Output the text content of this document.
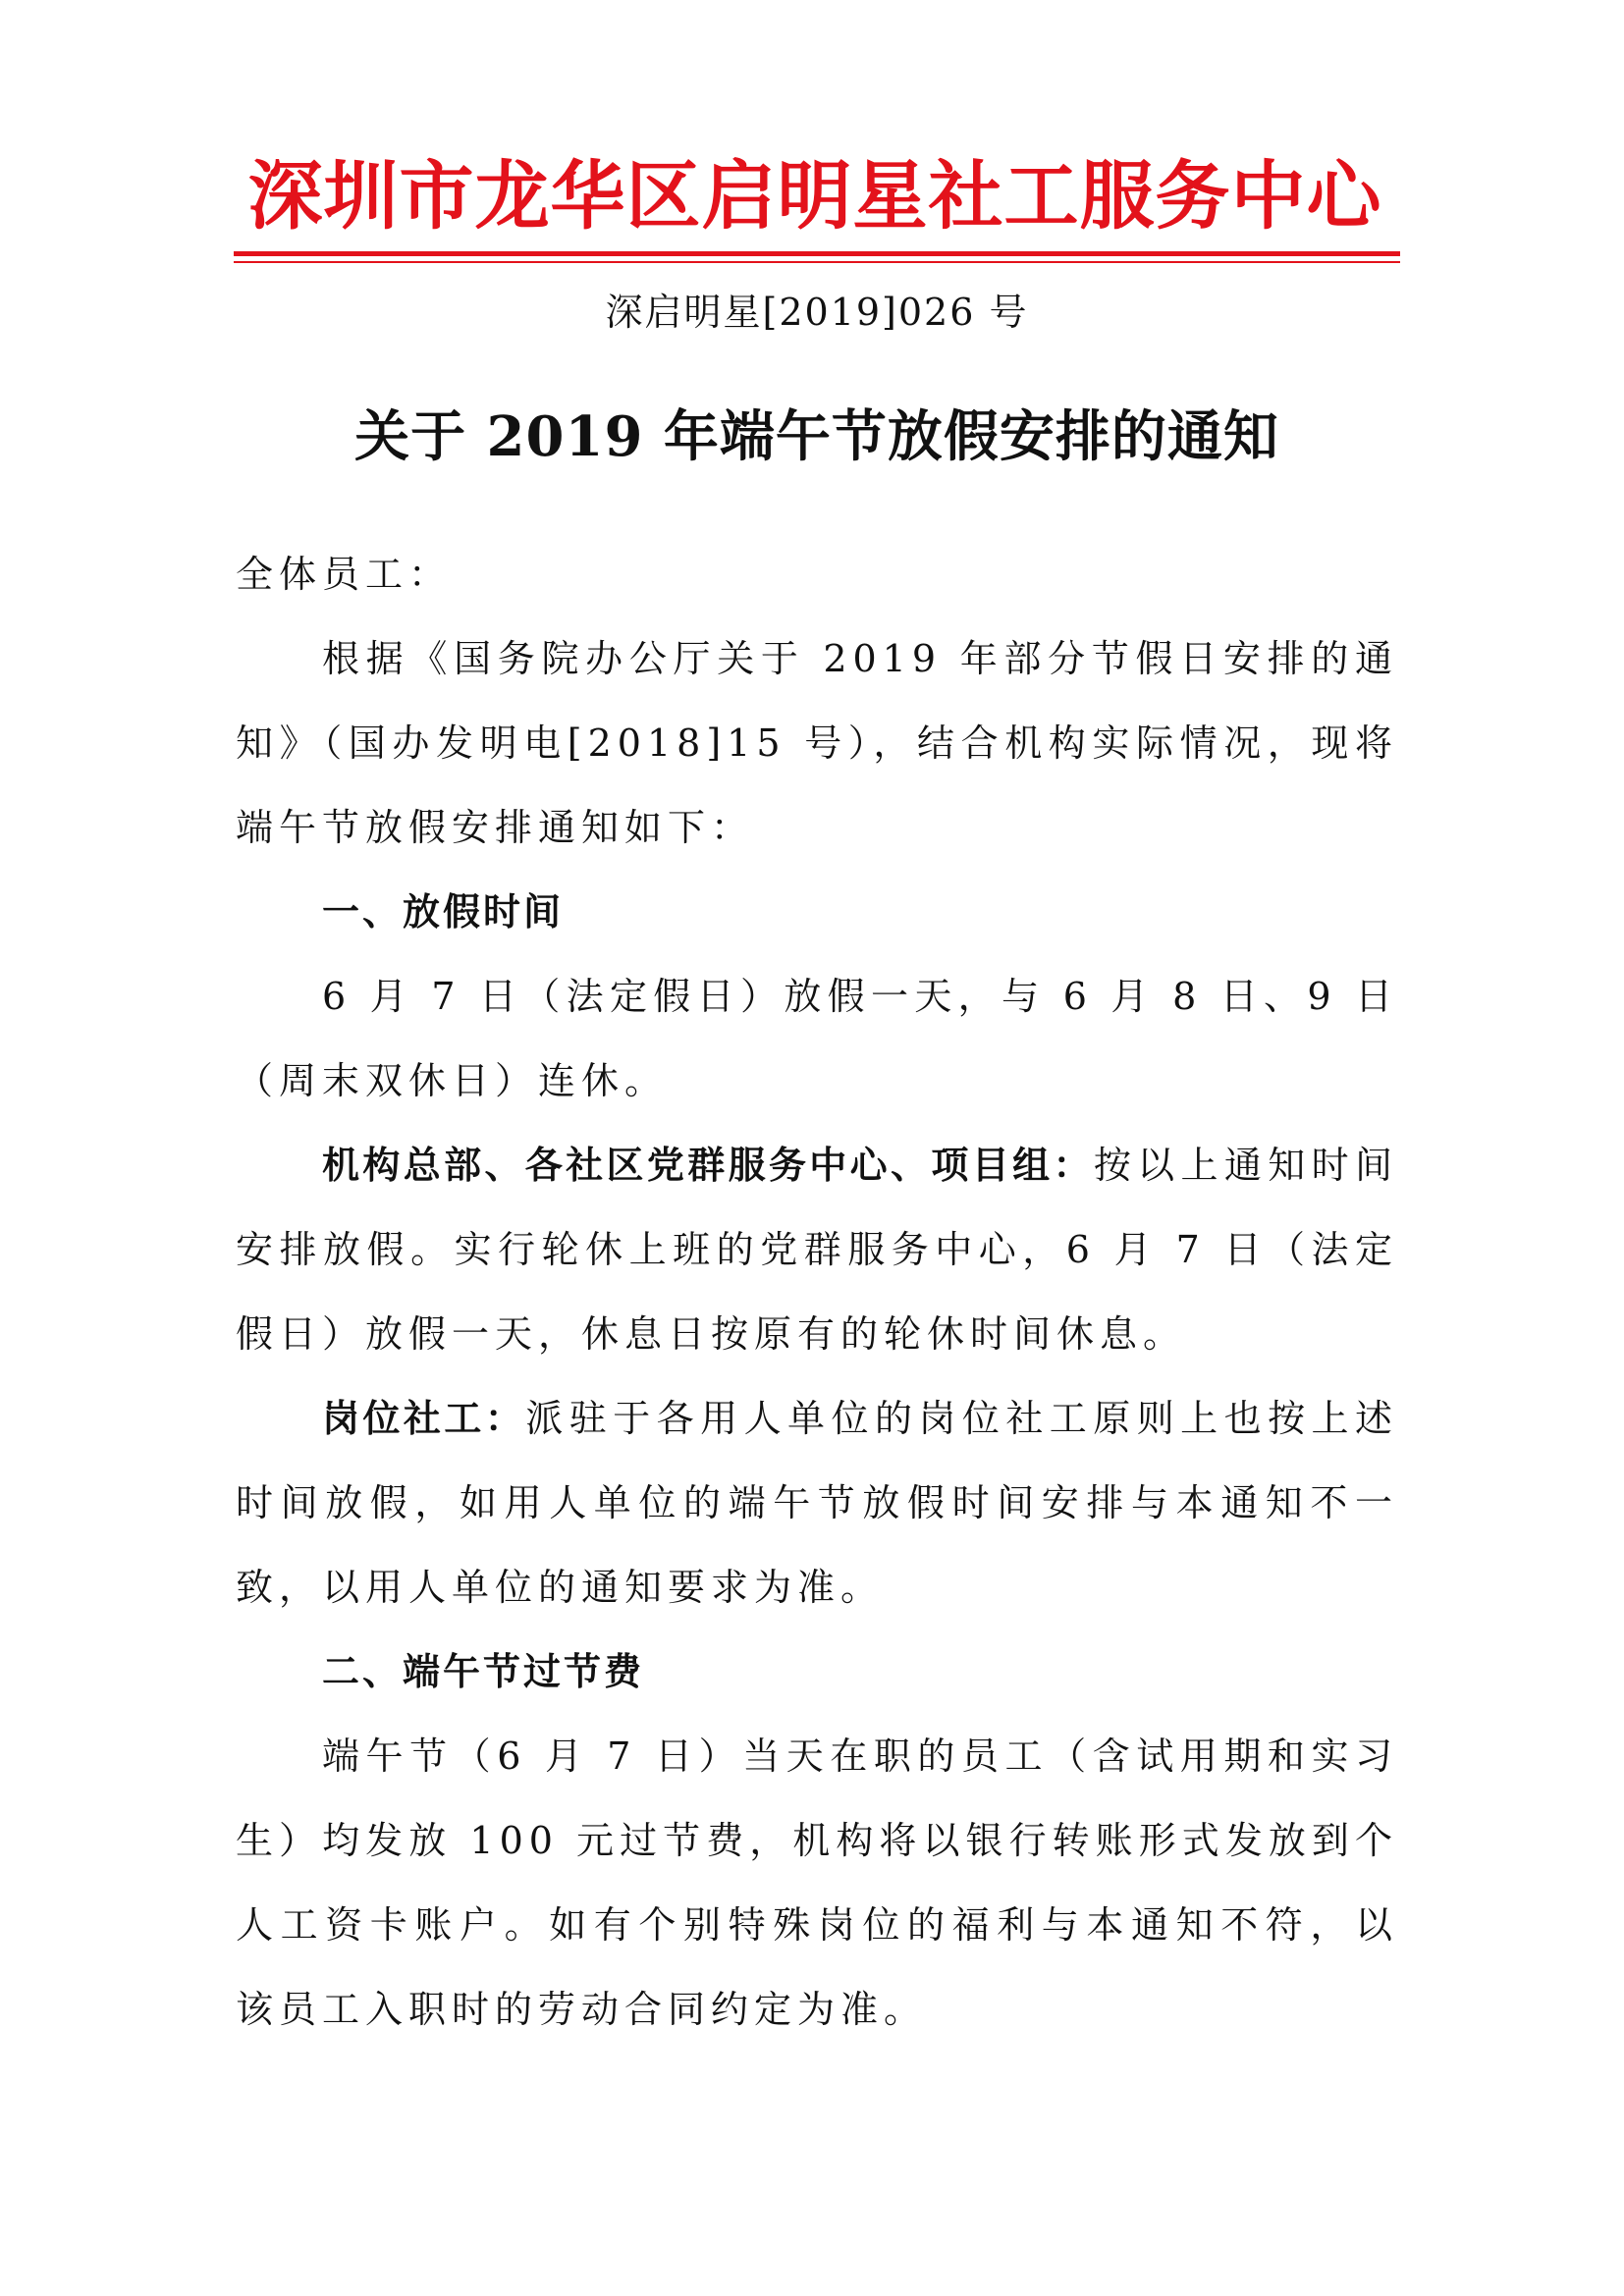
深圳市龙华区启明星社工服务中心
深启明星[2019]026 号
关于 2019 年端午节放假安排的通知

全体员工：

根据《国务院办公厅关于 2019 年部分节假日安排的通知》（国办发明电[2018]15 号），结合机构实际情况，现将端午节放假安排通知如下：

一、放假时间

6 月 7 日（法定假日）放假一天，与 6 月 8 日、9 日（周末双休日）连休。

机构总部、各社区党群服务中心、项目组：按以上通知时间安排放假。实行轮休上班的党群服务中心，6 月 7 日（法定假日）放假一天，休息日按原有的轮休时间休息。

岗位社工：派驻于各用人单位的岗位社工原则上也按上述时间放假，如用人单位的端午节放假时间安排与本通知不一致，以用人单位的通知要求为准。

二、端午节过节费

端午节（6 月 7 日）当天在职的员工（含试用期和实习生）均发放 100 元过节费，机构将以银行转账形式发放到个人工资卡账户。如有个别特殊岗位的福利与本通知不符，以该员工入职时的劳动合同约定为准。
